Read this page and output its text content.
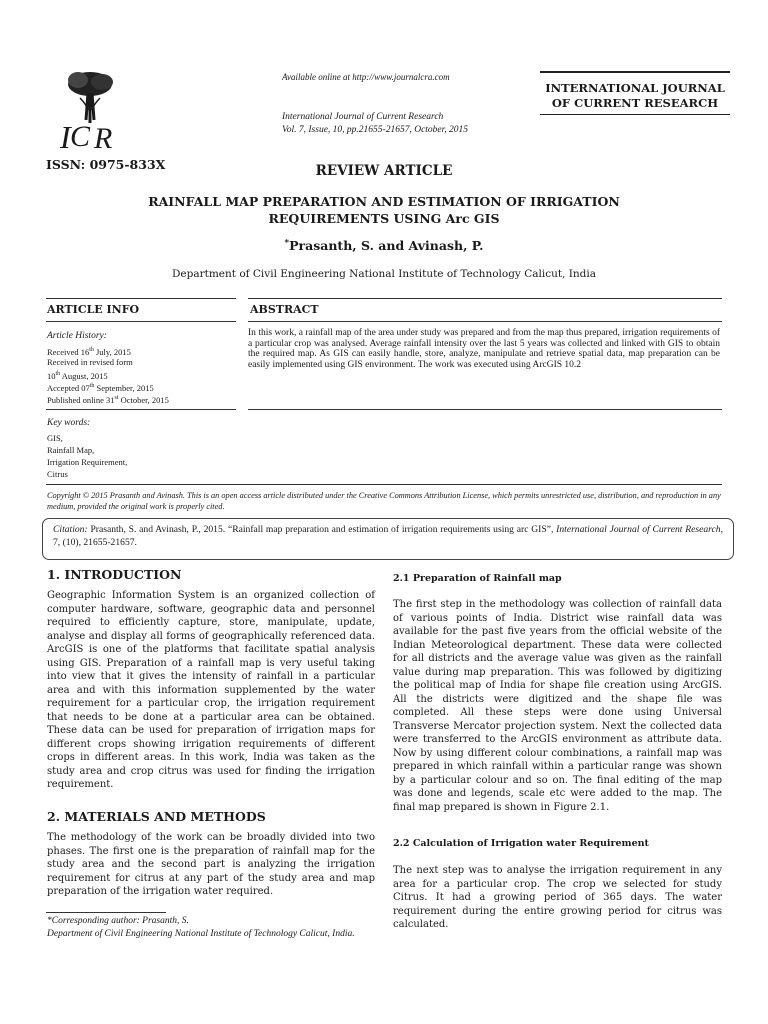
I C R
ISSN: 0975-833X
Available online at http://www.journalcra.com
International Journal of Current Research
Vol. 7, Issue, 10, pp.21655-21657, October, 2015
INTERNATIONAL JOURNAL
OF CURRENT RESEARCH
REVIEW ARTICLE
RAINFALL MAP PREPARATION AND ESTIMATION OF IRRIGATION
REQUIREMENTS USING Arc GIS
*Prasanth, S. and Avinash, P.
Department of Civil Engineering National Institute of Technology Calicut, India
ARTICLE INFO	ABSTRACT
Article History:
Received 16th July, 2015
Received in revised form
10th August, 2015
Accepted 07th September, 2015
Published online 31st October, 2015
In this work, a rainfall map of the area under study was prepared and from the map thus prepared, irrigation requirements of a particular crop was analysed. Average rainfall intensity over the last 5 years was collected and linked with GIS to obtain the required map. As GIS can easily handle, store, analyze, manipulate and retrieve spatial data, map preparation can be easily implemented using GIS environment. The work was executed using ArcGIS 10.2
Key words:
GIS,
Rainfall Map,
Irrigation Requirement,
Citrus
Copyright © 2015 Prasanth and Avinash. This is an open access article distributed under the Creative Commons Attribution License, which permits unrestricted use, distribution, and reproduction in any medium, provided the original work is properly cited.
Citation: Prasanth, S. and Avinash, P., 2015. “Rainfall map preparation and estimation of irrigation requirements using arc GIS”, International Journal of Current Research, 7, (10), 21655-21657.
1. INTRODUCTION
Geographic Information System is an organized collection of computer hardware, software, geographic data and personnel required to efficiently capture, store, manipulate, update, analyse and display all forms of geographically referenced data. ArcGIS is one of the platforms that facilitate spatial analysis using GIS. Preparation of a rainfall map is very useful taking into view that it gives the intensity of rainfall in a particular area and with this information supplemented by the water requirement for a particular crop, the irrigation requirement that needs to be done at a particular area can be obtained. These data can be used for preparation of irrigation maps for different crops showing irrigation requirements of different crops in different areas. In this work, India was taken as the study area and crop citrus was used for finding the irrigation requirement.
2. MATERIALS AND METHODS
The methodology of the work can be broadly divided into two phases. The first one is the preparation of rainfall map for the study area and the second part is analyzing the irrigation requirement for citrus at any part of the study area and map preparation of the irrigation water required.
*Corresponding author: Prasanth, S.
Department of Civil Engineering National Institute of Technology Calicut, India.
2.1 Preparation of Rainfall map
The first step in the methodology was collection of rainfall data of various points of India. District wise rainfall data was available for the past five years from the official website of the Indian Meteorological department. These data were collected for all districts and the average value was given as the rainfall value during map preparation. This was followed by digitizing the political map of India for shape file creation using ArcGIS. All the districts were digitized and the shape file was completed. All these steps were done using Universal Transverse Mercator projection system. Next the collected data were transferred to the ArcGIS environment as attribute data. Now by using different colour combinations, a rainfall map was prepared in which rainfall within a particular range was shown by a particular colour and so on. The final editing of the map was done and legends, scale etc were added to the map. The final map prepared is shown in Figure 2.1.
2.2 Calculation of Irrigation water Requirement
The next step was to analyse the irrigation requirement in any area for a particular crop. The crop we selected for study Citrus. It had a growing period of 365 days. The water requirement during the entire growing period for citrus was calculated.
